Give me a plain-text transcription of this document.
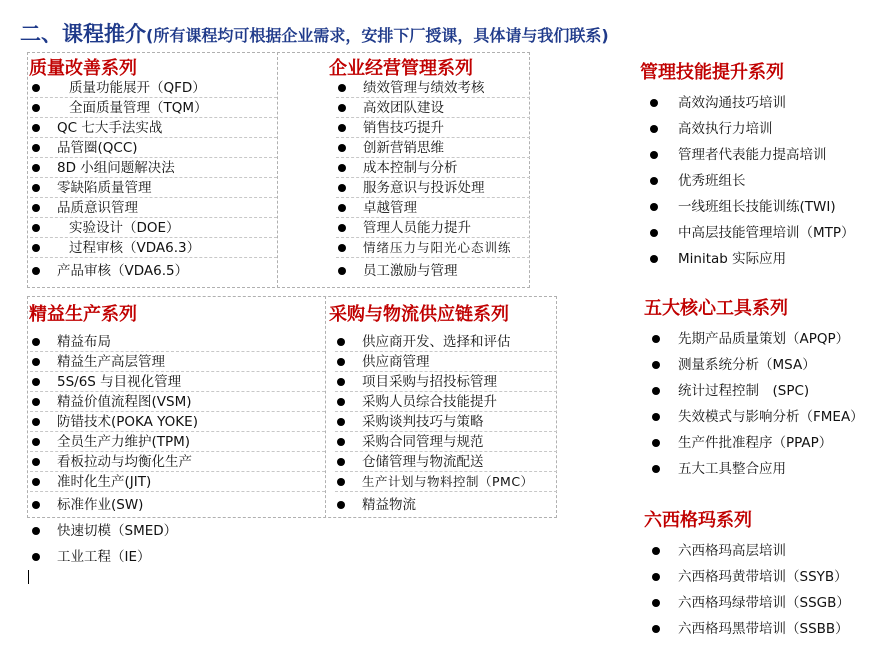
二、课程推介(所有课程均可根据企业需求，安排下厂授课，具体请与我们联系)
质量改善系列	企业经营管理系列
精益生产系列	采购与物流供应链系列
管理技能提升系列
五大核心工具系列
六西格玛系列
质量功能展开（QFD）
全面质量管理（TQM）
QC 七大手法实战
品管圈(QCC)
8D 小组问题解决法
零缺陷质量管理
品质意识管理
实验设计（DOE）
过程审核（VDA6.3）
产品审核（VDA6.5）
绩效管理与绩效考核
高效团队建设
销售技巧提升
创新营销思维
成本控制与分析
服务意识与投诉处理
卓越管理
管理人员能力提升
情绪压力与阳光心态训练
员工激励与管理
精益布局
精益生产高层管理
5S/6S 与目视化管理
精益价值流程图(VSM)
防错技术(POKA YOKE)
全员生产力维护(TPM)
看板拉动与均衡化生产
准时化生产(JIT)
标准作业(SW)
快速切模（SMED）
工业工程（IE）
供应商开发、选择和评估
供应商管理
项目采购与招投标管理
采购人员综合技能提升
采购谈判技巧与策略
采购合同管理与规范
仓储管理与物流配送
生产计划与物料控制（PMC）
精益物流
高效沟通技巧培训
高效执行力培训
管理者代表能力提高培训
优秀班组长
一线班组长技能训练(TWI)
中高层技能管理培训（MTP）
Minitab 实际应用
先期产品质量策划（APQP）
测量系统分析（MSA）
统计过程控制　(SPC)
失效模式与影响分析（FMEA）
生产件批准程序（PPAP）
五大工具整合应用
六西格玛高层培训
六西格玛黄带培训（SSYB）
六西格玛绿带培训（SSGB）
六西格玛黑带培训（SSBB）
